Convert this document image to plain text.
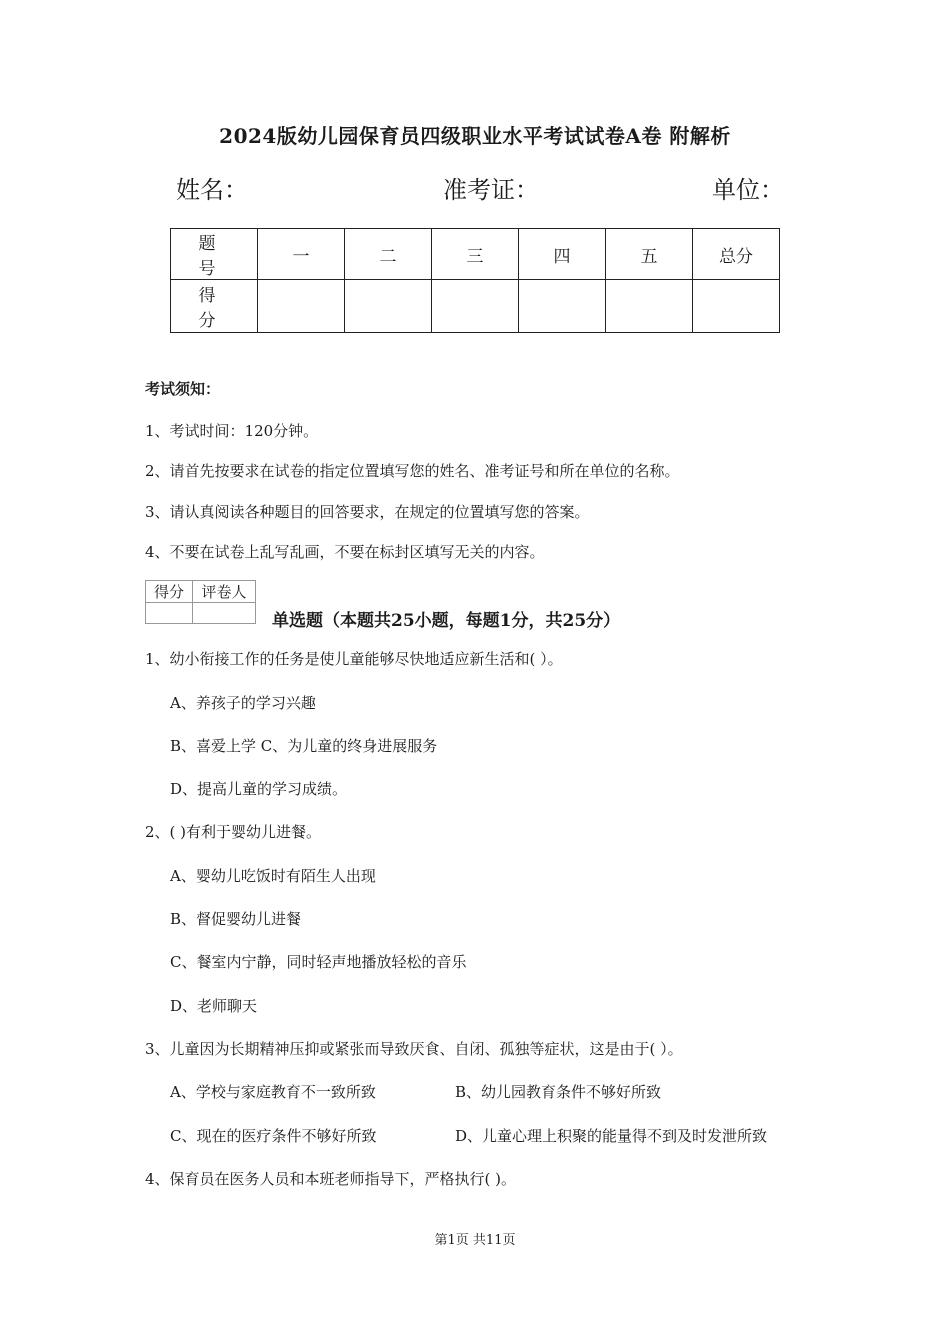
2024版幼儿园保育员四级职业水平考试试卷A卷 附解析
姓名：	准考证：	单位：
题　号	一	二	三	四	五	总分
得　分						
考试须知：
1、考试时间：120分钟。
2、请首先按要求在试卷的指定位置填写您的姓名、准考证号和所在单位的名称。
3、请认真阅读各种题目的回答要求，在规定的位置填写您的答案。
4、不要在试卷上乱写乱画，不要在标封区填写无关的内容。
得分	评卷人

单选题（本题共25小题，每题1分，共25分）
1、幼小衔接工作的任务是使儿童能够尽快地适应新生活和( ）。
A、养孩子的学习兴趣
B、喜爱上学 C、为儿童的终身进展服务
D、提高儿童的学习成绩。
2、( )有利于婴幼儿进餐。
A、婴幼儿吃饭时有陌生人出现
B、督促婴幼儿进餐
C、餐室内宁静，同时轻声地播放轻松的音乐
D、老师聊天
3、儿童因为长期精神压抑或紧张而导致厌食、自闭、孤独等症状，这是由于( ）。
A、学校与家庭教育不一致所致	B、幼儿园教育条件不够好所致
C、现在的医疗条件不够好所致	D、儿童心理上积聚的能量得不到及时发泄所致
4、保育员在医务人员和本班老师指导下，严格执行( )。
第1页 共11页
